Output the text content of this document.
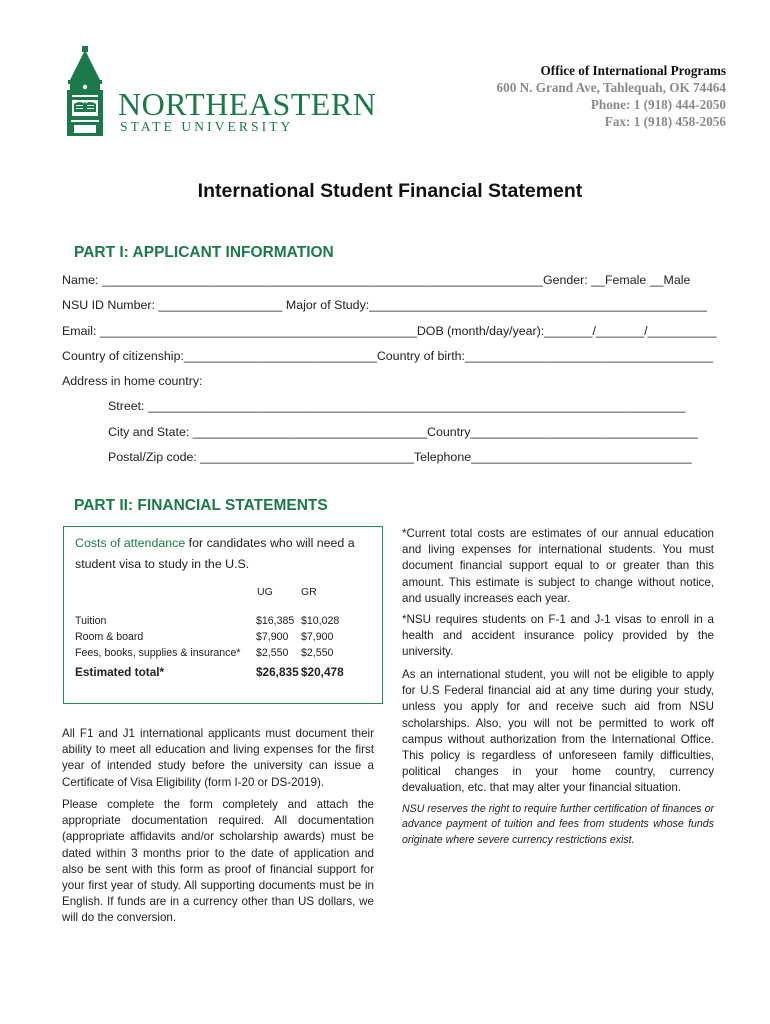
NORTHEASTERN
STATE UNIVERSITY
Office of International Programs
600 N. Grand Ave, Tahlequah, OK 74464
Phone: 1 (918) 444-2050
Fax: 1 (918) 458-2056
International Student Financial Statement
PART I: APPLICANT INFORMATION
Name: ________________________________________________________________Gender: __Female __Male
NSU ID Number: __________________ Major of Study:_________________________________________________
Email: ______________________________________________DOB (month/day/year):_______/_______/__________
Country of citizenship:____________________________Country of birth:____________________________________
Address in home country:
Street: ______________________________________________________________________________
City and State: __________________________________Country_________________________________
Postal/Zip code: _______________________________Telephone________________________________
PART II: FINANCIAL STATEMENTS
Costs of attendance for candidates who will need a student visa to study in the U.S.
UG	GR
Tuition	$16,385 $10,028
Room & board	$7,900 $7,900
Fees, books, supplies & insurance* $2,550 $2,550
Estimated total*	$26,835 $20,478
All F1 and J1 international applicants must document their ability to meet all education and living expenses for the first year of intended study before the university can issue a Certificate of Visa Eligibility (form I-20 or DS-2019).
Please complete the form completely and attach the appropriate documentation required. All documentation (appropriate affidavits and/or scholarship awards) must be dated within 3 months prior to the date of application and also be sent with this form as proof of financial support for your first year of study. All supporting documents must be in English. If funds are in a currency other than US dollars, we will do the conversion.
*Current total costs are estimates of our annual education and living expenses for international students. You must document financial support equal to or greater than this amount. This estimate is subject to change without notice, and usually increases each year.
*NSU requires students on F-1 and J-1 visas to enroll in a health and accident insurance policy provided by the university.
As an international student, you will not be eligible to apply for U.S Federal financial aid at any time during your study, unless you apply for and receive such aid from NSU scholarships. Also, you will not be permitted to work off campus without authorization from the International Office. This policy is regardless of unforeseen family difficulties, political changes in your home country, currency devaluation, etc. that may alter your financial situation.
NSU reserves the right to require further certification of finances or advance payment of tuition and fees from students whose funds originate where severe currency restrictions exist.
